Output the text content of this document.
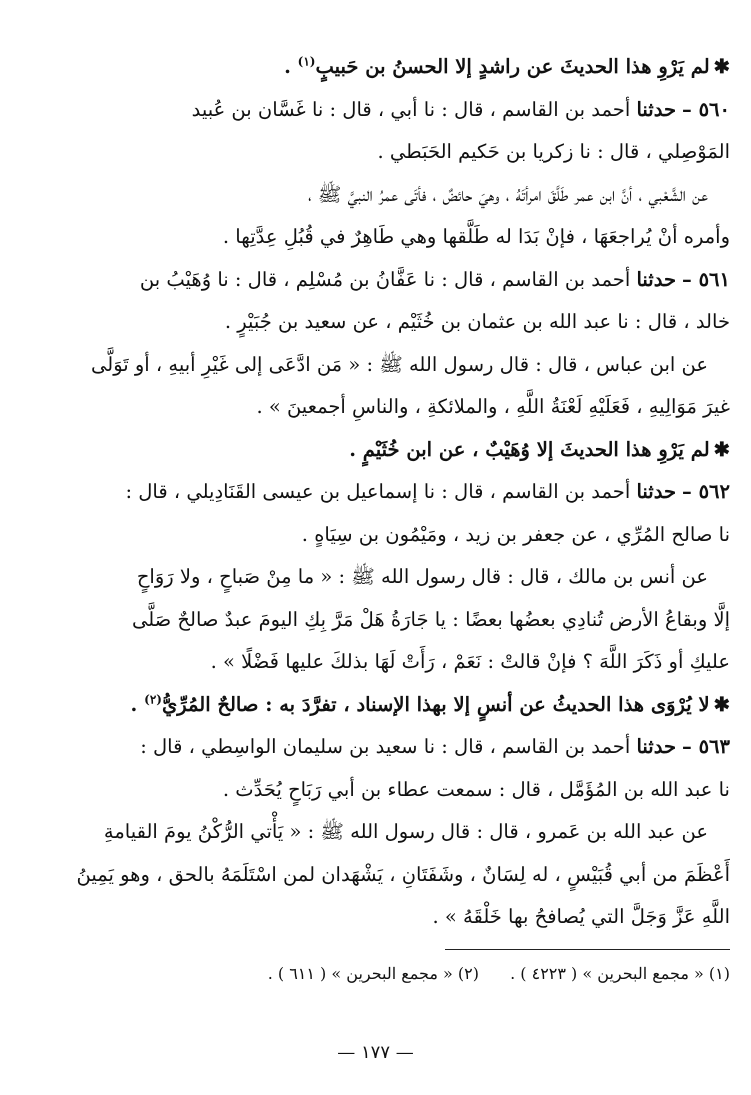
✱لم يَرْوِ هذا الحديثَ عن راشدٍ إلا الحسنُ بن حَبيبٍ$^{(١)}$ .
٥٦٠ –حدثنا أحمد بن القاسم ، قال : نا أبي ، قال : نا غَسَّان بن عُبيد
المَوْصِلي ، قال : نا زكريا بن حَكيم الحَبَطي .
عن الشَّعْبي ، أنَّ ابن عمر طَلَّقَ امرأتَهُ ، وهيَ حائضٌ ، فأتَى عمرُ النبيَّ ﷺ ،
وأمره أنْ يُراجعَهَا ، فإنْ بَدَا له طَلَّقها وهي طَاهِرٌ في قُبُلِ عِدَّتِها .
٥٦١ –حدثنا أحمد بن القاسم ، قال : نا عَفَّانُ بن مُسْلِم ، قال : نا وُهَيْبُ بن
خالد ، قال : نا عبد الله بن عثمان بن خُثَيْم ، عن سعيد بن جُبَيْرٍ .
عن ابن عباس ، قال : قال رسول الله ﷺ : « مَن ادَّعَى إلى غَيْرِ أبيهِ ، أو تَوَلَّى
غيرَ مَوَالِيهِ ، فَعَلَيْهِ لَعْنَةُ اللَّهِ ، والملائكةِ ، والناسِ أجمعينَ » .
✱لم يَرْوِ هذا الحديثَ إلا وُهَيْبٌ ، عن ابن خُثَيْمٍ .
٥٦٢ –حدثنا أحمد بن القاسم ، قال : نا إسماعيل بن عيسى القَنَادِيلي ، قال :
نا صالح المُرِّي ، عن جعفر بن زيد ، ومَيْمُون بن سِيَاهٍ .
عن أنس بن مالك ، قال : قال رسول الله ﷺ : « ما مِنْ صَباحٍ ، ولا رَوَاحٍ
إلَّا وبقاعُ الأرض تُنادِي بعضُها بعضًا : يا جَارَةُ هَلْ مَرَّ بِكِ اليومَ عبدٌ صالحٌ صَلَّى
عليكِ أو ذَكَرَ اللَّهَ ؟ فإنْ قالتْ : نَعَمْ ، رَأَتْ لَهَا بذلكَ عليها فَضْلًا » .
✱لا يُرْوَى هذا الحديثُ عن أنسٍ إلا بهذا الإسناد ، تفرَّدَ به : صالحٌ المُرِّيُّ$^{(٢)}$ .
٥٦٣ –حدثنا أحمد بن القاسم ، قال : نا سعيد بن سليمان الواسِطي ، قال :
نا عبد الله بن المُؤَمَّل ، قال : سمعت عطاء بن أبي رَبَاحٍ يُحَدِّث .
عن عبد الله بن عَمرو ، قال : قال رسول الله ﷺ : « يَأْتي الرُّكْنُ يومَ القيامةِ
أَعْظَمَ من أبي قُبَيْسٍ ، له لِسَانٌ ، وشَفَتَانِ ، يَشْهَدان لمن اسْتَلَمَهُ بالحق ، وهو يَمِينُ
اللَّهِ عَزَّ وَجَلَّ التي يُصافحُ بها خَلْقَهُ » .
(١) « مجمع البحرين » ( ٤٢٢٣ ) . (٢) « مجمع البحرين » ( ٦١١ ) .
— ١٧٧ —
